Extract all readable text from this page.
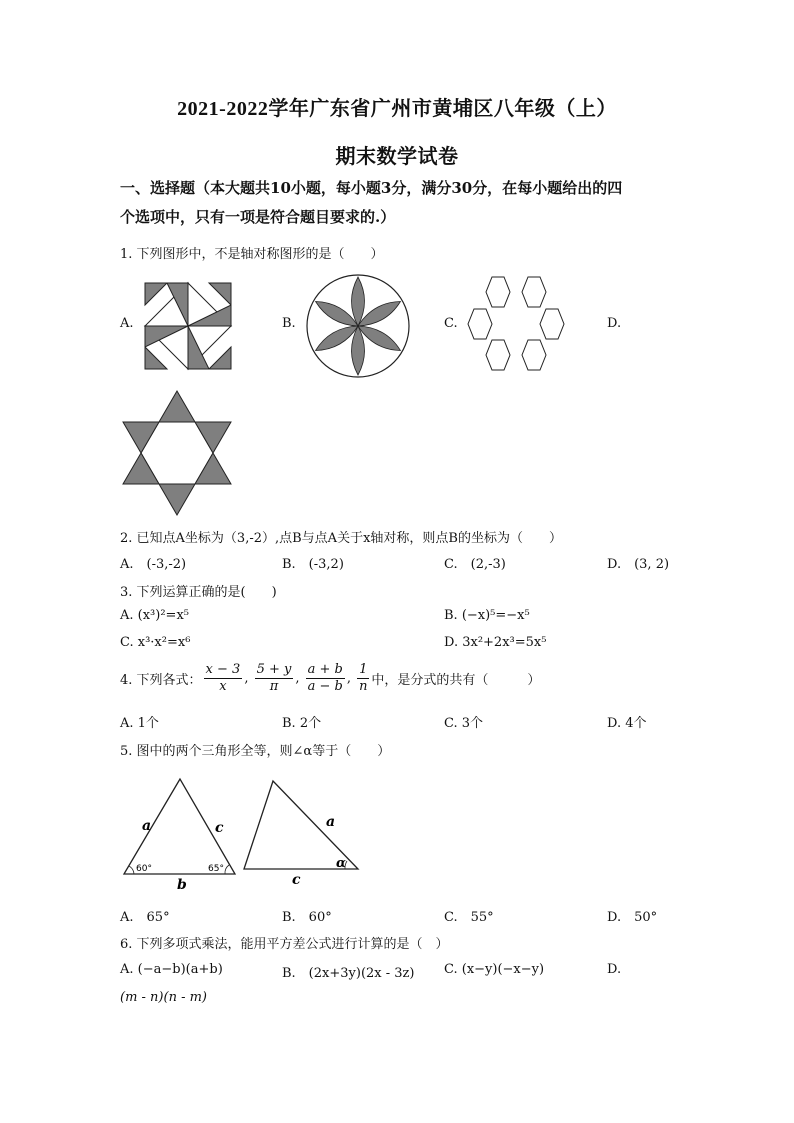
2021-2022学年广东省广州市黄埔区八年级（上）
期末数学试卷
一、选择题（本大题共10小题，每小题3分，满分30分，在每小题给出的四
个选项中，只有一项是符合题目要求的.）
1. 下列图形中，不是轴对称图形的是（　　）
A.	B.	C.	D.
2. 已知点A坐标为（3,-2）,点B与点A关于x轴对称，则点B的坐标为（　　）
A.　(-3,-2)	B.　(-3,2)	C.　(2,-3)	D.　(3, 2)
3. 下列运算正确的是(　　)
A. (x³)²=x⁵	B. (−x)⁵=−x⁵
C. x³·x²=x⁶	D. 3x²+2x³=5x⁵
4. 下列各式： $\frac{x - 3}{x}$ , $\frac{5 + y}{\pi}$ , $\frac{a + b}{a - b}$ , $\frac{1}{n}$ 中，是分式的共有（　　　）
A. 1个	B. 2个	C. 3个	D. 4个
5. 图中的两个三角形全等，则∠α等于（　　）
a	c
b
60°	65°
a
c
α
A.　65°	B.　60°	C.　55°	D.　50°
6. 下列多项式乘法，能用平方差公式进行计算的是（　）
A. (−a−b)(a+b)	B.　(2x+3y)(2x - 3z) C. (x−y)(−x−y)	D.
(m - n)(n - m)
